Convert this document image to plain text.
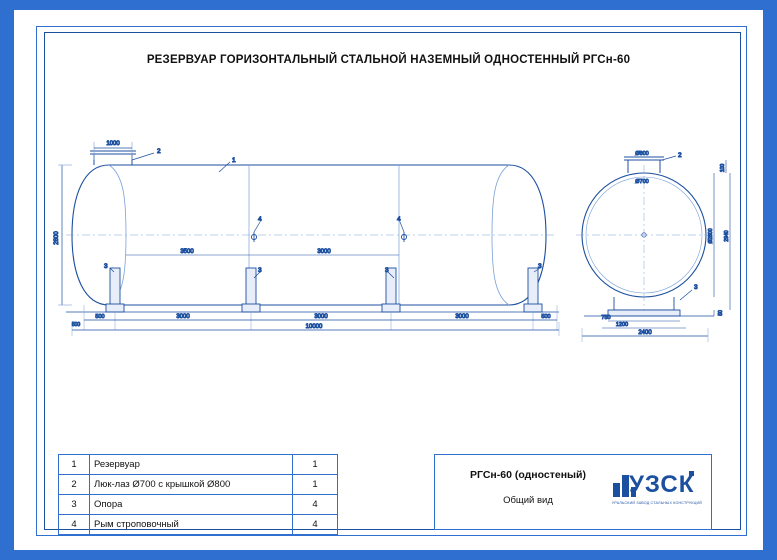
РЕЗЕРВУАР ГОРИЗОНТАЛЬНЫЙ СТАЛЬНОЙ НАЗЕМНЫЙ ОДНОСТЕННЫЙ РГСн-60
1000
2800
3500	3000
500	3000	3000	3000	500
10000
500
2
1
4	4
3	3
3
3
Ø800
Ø700
100
Ø2800 2940
50
750
1200
2400
2
3
1	Резервуар	1
2	Люк-лаз Ø700 с крышкой Ø800	1
3	Опора	4
4	Рым стропoвочный	4
РГСн-60 (одностеный)
Общий вид
УЗСК
УРАЛЬСКИЙ ЗАВОД СТАЛЬНЫХ КОНСТРУКЦИЙ
